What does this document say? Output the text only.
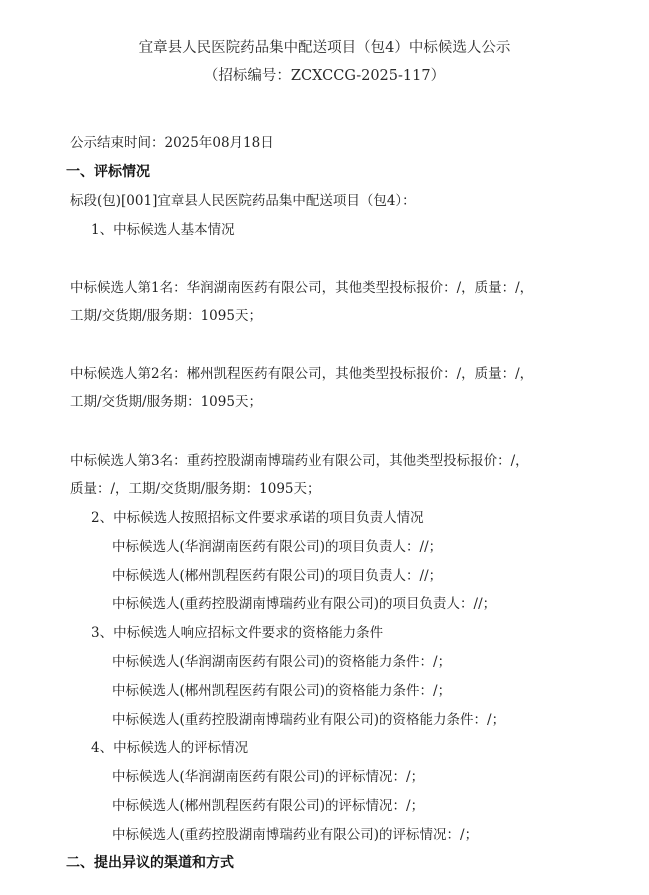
宜章县人民医院药品集中配送项目（包4）中标候选人公示
（招标编号：ZCXCCG-2025-117）
公示结束时间：2025年08月18日
一、评标情况
标段(包)[001]宜章县人民医院药品集中配送项目（包4）：
1、中标候选人基本情况
中标候选人第1名：华润湖南医药有限公司，其他类型投标报价：/，质量：/，
工期/交货期/服务期：1095天；
中标候选人第2名：郴州凯程医药有限公司，其他类型投标报价：/，质量：/，
工期/交货期/服务期：1095天；
中标候选人第3名：重药控股湖南博瑞药业有限公司，其他类型投标报价：/，
质量：/，工期/交货期/服务期：1095天；
2、中标候选人按照招标文件要求承诺的项目负责人情况
中标候选人(华润湖南医药有限公司)的项目负责人：//；
中标候选人(郴州凯程医药有限公司)的项目负责人：//；
中标候选人(重药控股湖南博瑞药业有限公司)的项目负责人：//；
3、中标候选人响应招标文件要求的资格能力条件
中标候选人(华润湖南医药有限公司)的资格能力条件：/；
中标候选人(郴州凯程医药有限公司)的资格能力条件：/；
中标候选人(重药控股湖南博瑞药业有限公司)的资格能力条件：/；
4、中标候选人的评标情况
中标候选人(华润湖南医药有限公司)的评标情况：/；
中标候选人(郴州凯程医药有限公司)的评标情况：/；
中标候选人(重药控股湖南博瑞药业有限公司)的评标情况：/；
二、提出异议的渠道和方式
